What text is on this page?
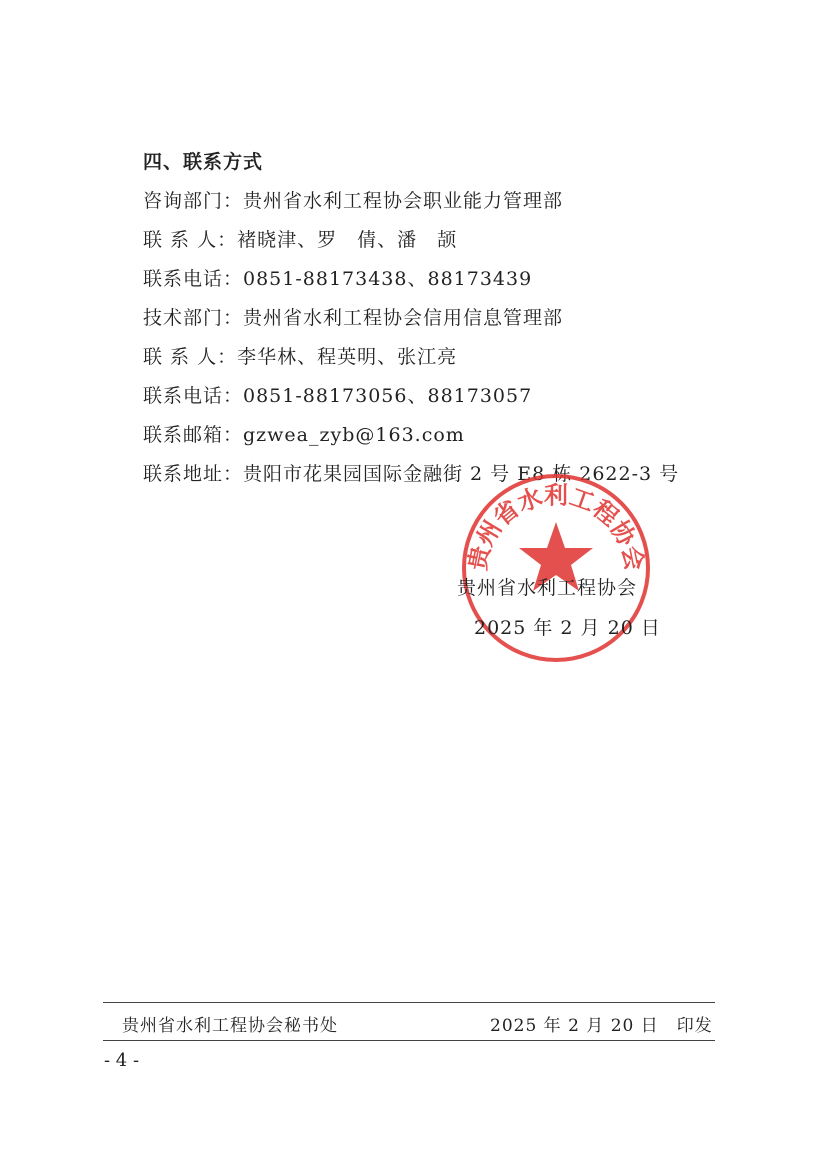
四、联系方式
咨询部门：贵州省水利工程协会职业能力管理部
联 系 人：褚晓津、罗　倩、潘　颉
联系电话：0851-88173438、88173439
技术部门：贵州省水利工程协会信用信息管理部
联 系 人：李华林、程英明、张江亮
联系电话：0851-88173056、88173057
联系邮箱：gzwea_zyb@163.com
联系地址：贵阳市花果园国际金融街 2 号 E8 栋 2622-3 号
贵州省水利工程协会
贵州省水利工程协会
2025 年 2 月 20 日
贵州省水利工程协会秘书处	2025 年 2 月 20 日　印发
- 4 -
